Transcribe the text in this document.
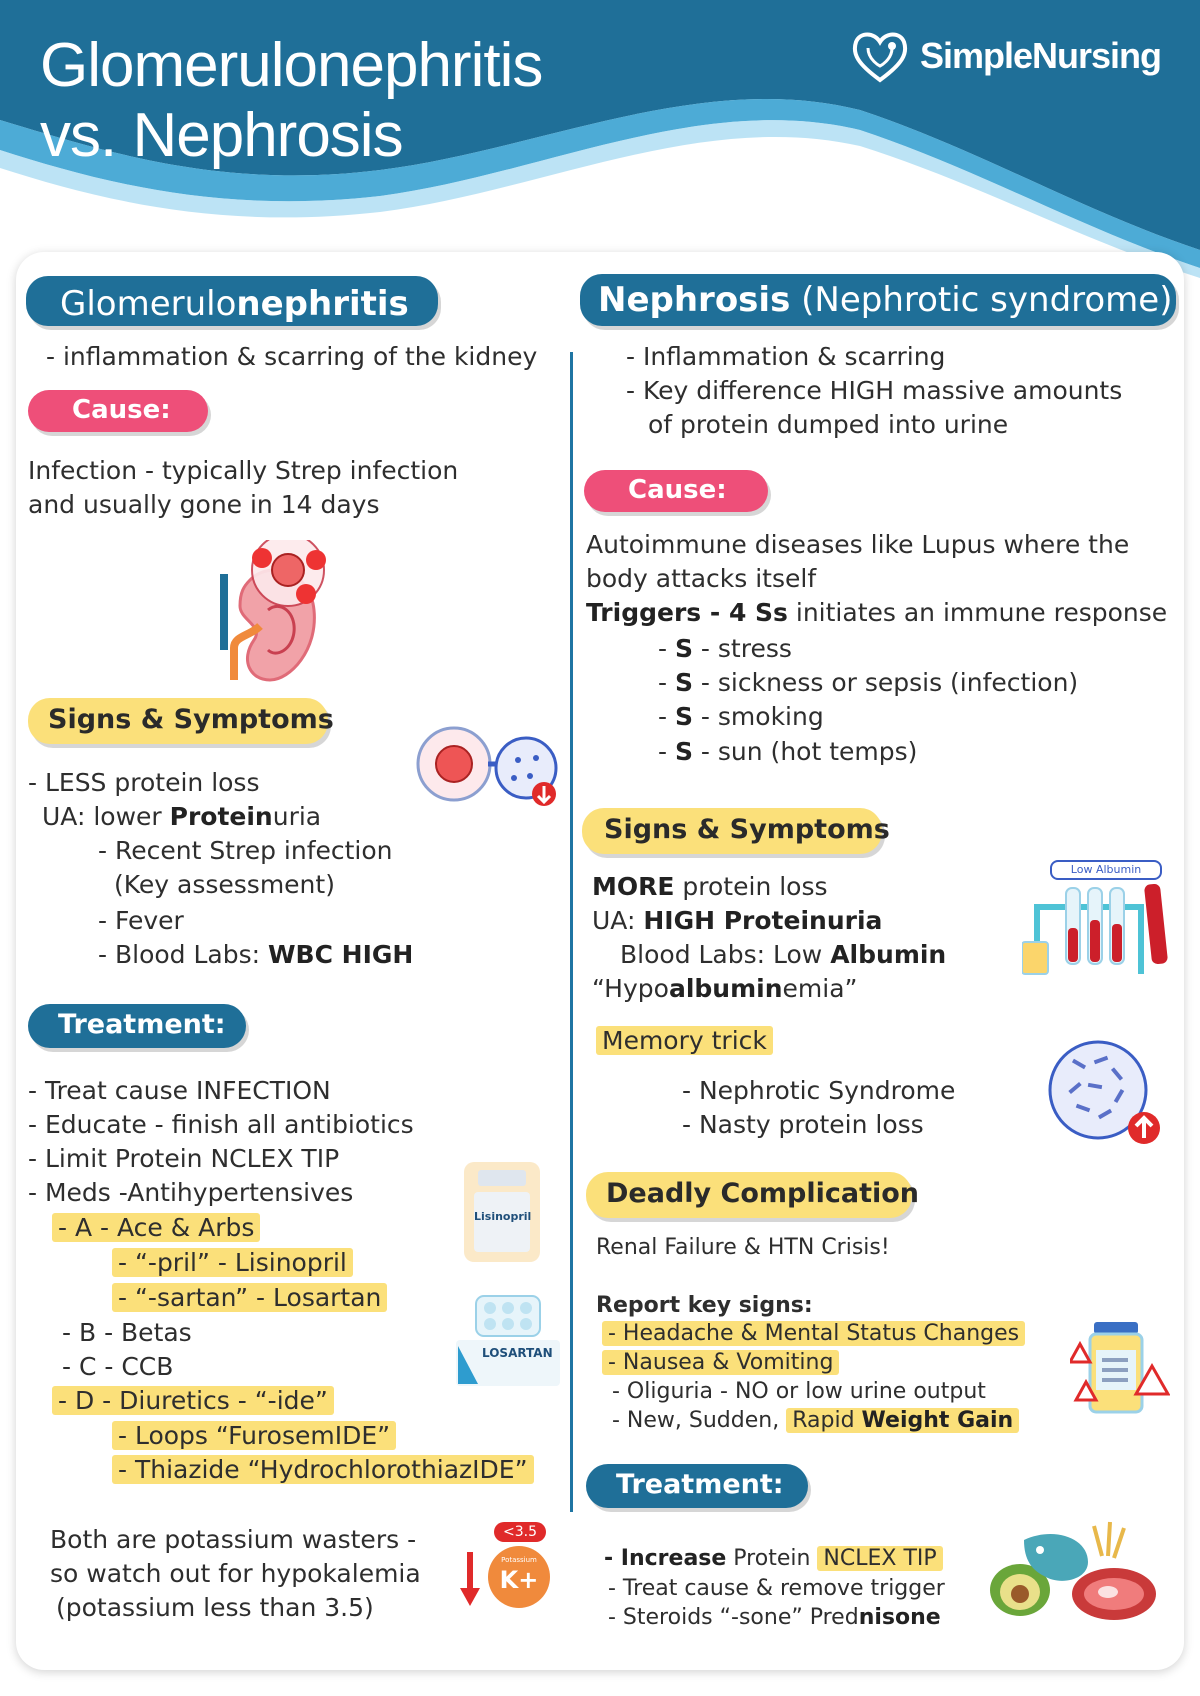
Glomerulonephritis
vs. Nephrosis
SimpleNursing
Glomerulonephritis
- inflammation & scarring of the kidney
Cause:
Infection - typically Strep infection
and usually gone in 14 days
Signs & Symptoms
- LESS protein loss
UA: lower Proteinuria
- Recent Strep infection
(Key assessment)
- Fever
- Blood Labs: WBC HIGH
Treatment:
- Treat cause INFECTION
- Educate - finish all antibiotics
- Limit Protein NCLEX TIP
- Meds -Antihypertensives
- A - Ace & Arbs
- “-pril” - Lisinopril
- “-sartan” - Losartan
- B - Betas
- C - CCB
- D - Diuretics - “-ide”
- Loops “FurosemIDE”
- Thiazide “HydrochlorothiazIDE”
Lisinopril
LOSARTAN
Both are potassium wasters -
so watch out for hypokalemia
(potassium less than 3.5)
<3.5
Potassium
K+
Nephrosis (Nephrotic syndrome)
- Inflammation & scarring
- Key difference HIGH massive amounts
of protein dumped into urine
Cause:
Autoimmune diseases like Lupus where the
body attacks itself
Triggers - 4 Ss initiates an immune response
- S - stress
- S - sickness or sepsis (infection)
- S - smoking
- S - sun (hot temps)
Signs & Symptoms
MORE protein loss
UA: HIGH Proteinuria
Blood Labs: Low Albumin
“Hypoalbuminemia”
Low Albumin
Memory trick
- Nephrotic Syndrome
- Nasty protein loss
Deadly Complication
Renal Failure & HTN Crisis!
Report key signs:
- Headache & Mental Status Changes
- Nausea & Vomiting
- Oliguria - NO or low urine output
- New, Sudden, Rapid Weight Gain
Treatment:
- Increase Protein NCLEX TIP
- Treat cause & remove trigger
- Steroids “-sone” Prednisone
